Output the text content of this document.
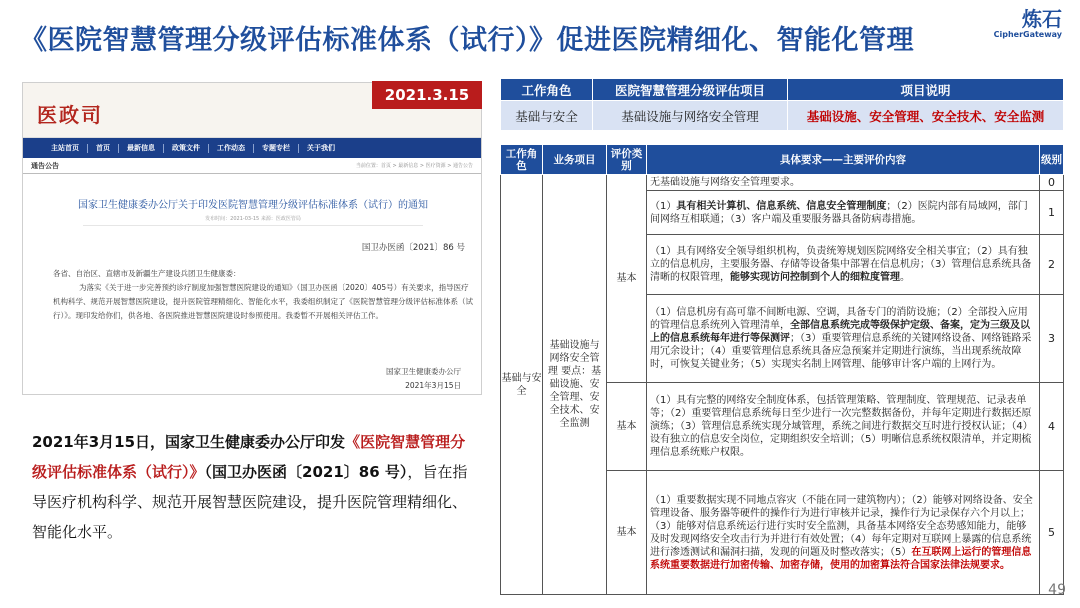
《医院智慧管理分级评估标准体系（试行）》促进医院精细化、智能化管理
炼石
CipherGateway
医政司
主站首页	首页	最新信息	政策文件	工作动态	专题专栏	关于我们
通告公告	当前位置：首页 > 最新信息 > 医疗资源 > 通告公告
国家卫生健康委办公厅关于印发医院智慧管理分级评估标准体系（试行）的通知
发布时间：2021-03-15 来源：医政医管局
国卫办医函〔2021〕86 号
各省、自治区、直辖市及新疆生产建设兵团卫生健康委：
为落实《关于进一步完善预约诊疗制度加强智慧医院建设的通知》（国卫办医函〔2020〕405号）有关要求，指导医疗机构科学、规范开展智慧医院建设，提升医院管理精细化、智能化水平，我委组织制定了《医院智慧管理分级评估标准体系（试行）》。现印发给你们，供各地、各医院推进智慧医院建设时参照使用。我委暂不开展相关评估工作。
国家卫生健康委办公厅
2021年3月15日
2021.3.15
2021年3月15日，国家卫生健康委办公厅印发《医院智慧管理分级评估标准体系（试行）》（国卫办医函〔2021〕86 号），旨在指导医疗机构科学、规范开展智慧医院建设，提升医院管理精细化、智能化水平。
工作角色	医院智慧管理分级评估项目	项目说明
基础与安全	基础设施与网络安全管理	基础设施、安全管理、安全技术、安全监测
工作角色	业务项目	评价类别	具体要求——主要评价内容	级别
基础与安全	基础设施与网络安全管理 要点：基础设施、安全管理、安全技术、安全监测	基本	无基础设施与网络安全管理要求。	0
			（1）具有相关计算机、信息系统、信息安全管理制度；（2）医院内部有局域网，部门间网络互相联通；（3）客户端及重要服务器具备防病毒措施。	1
			（1）具有网络安全领导组织机构，负责统筹规划医院网络安全相关事宜；（2）具有独立的信息机房，主要服务器、存储等设备集中部署在信息机房；（3）管理信息系统具备清晰的权限管理，能够实现访问控制到个人的细粒度管理。	2
			（1）信息机房有高可靠不间断电源、空调，具备专门的消防设施；（2）全部投入应用的管理信息系统列入管理清单，全部信息系统完成等级保护定级、备案，定为三级及以上的信息系统每年进行等保测评；（3）重要管理信息系统的关键网络设备、网络链路采用冗余设计；（4）重要管理信息系统具备应急预案并定期进行演练，当出现系统故障时，可恢复关键业务；（5）实现实名制上网管理、能够审计客户端的上网行为。	3
		基本	（1）具有完整的网络安全制度体系，包括管理策略、管理制度、管理规范、记录表单等；（2）重要管理信息系统每日至少进行一次完整数据备份，并每年定期进行数据还原演练；（3）管理信息系统实现分域管理，系统之间进行数据交互时进行授权认证；（4）设有独立的信息安全岗位，定期组织安全培训；（5）明晰信息系统权限清单，并定期梳理信息系统账户权限。	4
		基本	（1）重要数据实现不同地点容灾（不能在同一建筑物内）；（2）能够对网络设备、安全管理设备、服务器等硬件的操作行为进行审核并记录，操作行为记录保存六个月以上；（3）能够对信息系统运行进行实时安全监测，具备基本网络安全态势感知能力，能够及时发现网络安全攻击行为并进行有效处置；（4）每年定期对互联网上暴露的信息系统进行渗透测试和漏洞扫描，发现的问题及时整改落实；（5）在互联网上运行的管理信息系统重要数据进行加密传输、加密存储，使用的加密算法符合国家法律法规要求。	5
49
